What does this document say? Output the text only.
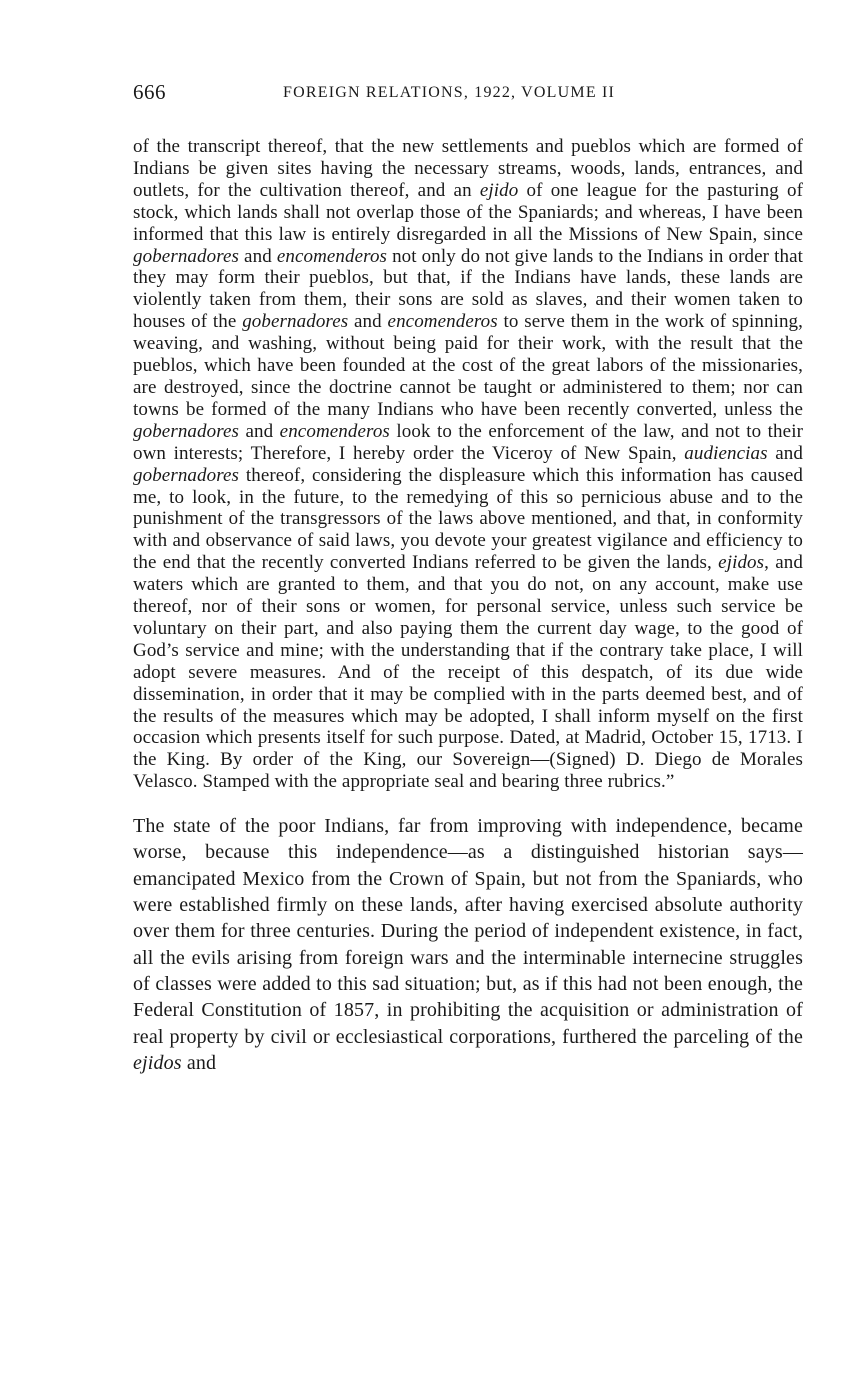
666	FOREIGN RELATIONS, 1922, VOLUME II

of the transcript thereof, that the new settlements and pueblos which are formed of Indians be given sites having the necessary streams, woods, lands, entrances, and outlets, for the cultivation thereof, and an ejido of one league for the pasturing of stock, which lands shall not overlap those of the Spaniards; and whereas, I have been informed that this law is entirely disregarded in all the Missions of New Spain, since gobernadores and encomenderos not only do not give lands to the Indians in order that they may form their pueblos, but that, if the Indians have lands, these lands are violently taken from them, their sons are sold as slaves, and their women taken to houses of the gobernadores and encomenderos to serve them in the work of spinning, weaving, and washing, without being paid for their work, with the result that the pueblos, which have been founded at the cost of the great labors of the missionaries, are destroyed, since the doctrine cannot be taught or administered to them; nor can towns be formed of the many Indians who have been recently converted, unless the gobernadores and encomenderos look to the enforcement of the law, and not to their own interests; Therefore, I hereby order the Viceroy of New Spain, audiencias and gobernadores thereof, considering the displeasure which this information has caused me, to look, in the future, to the remedying of this so pernicious abuse and to the punishment of the transgressors of the laws above mentioned, and that, in conformity with and observance of said laws, you devote your greatest vigilance and efficiency to the end that the recently converted Indians referred to be given the lands, ejidos, and waters which are granted to them, and that you do not, on any account, make use thereof, nor of their sons or women, for personal service, unless such service be voluntary on their part, and also paying them the current day wage, to the good of God’s service and mine; with the understanding that if the contrary take place, I will adopt severe measures. And of the receipt of this despatch, of its due wide dissemination, in order that it may be complied with in the parts deemed best, and of the results of the measures which may be adopted, I shall inform myself on the first occasion which presents itself for such purpose. Dated, at Madrid, October 15, 1713. I the King. By order of the King, our Sovereign—(Signed) D. Diego de Morales Velasco. Stamped with the appropriate seal and bearing three rubrics.”

The state of the poor Indians, far from improving with independence, became worse, because this independence—as a distinguished historian says—emancipated Mexico from the Crown of Spain, but not from the Spaniards, who were established firmly on these lands, after having exercised absolute authority over them for three centuries. During the period of independent existence, in fact, all the evils arising from foreign wars and the interminable internecine struggles of classes were added to this sad situation; but, as if this had not been enough, the Federal Constitution of 1857, in prohibiting the acquisition or administration of real property by civil or ecclesiastical corporations, furthered the parceling of the ejidos and
